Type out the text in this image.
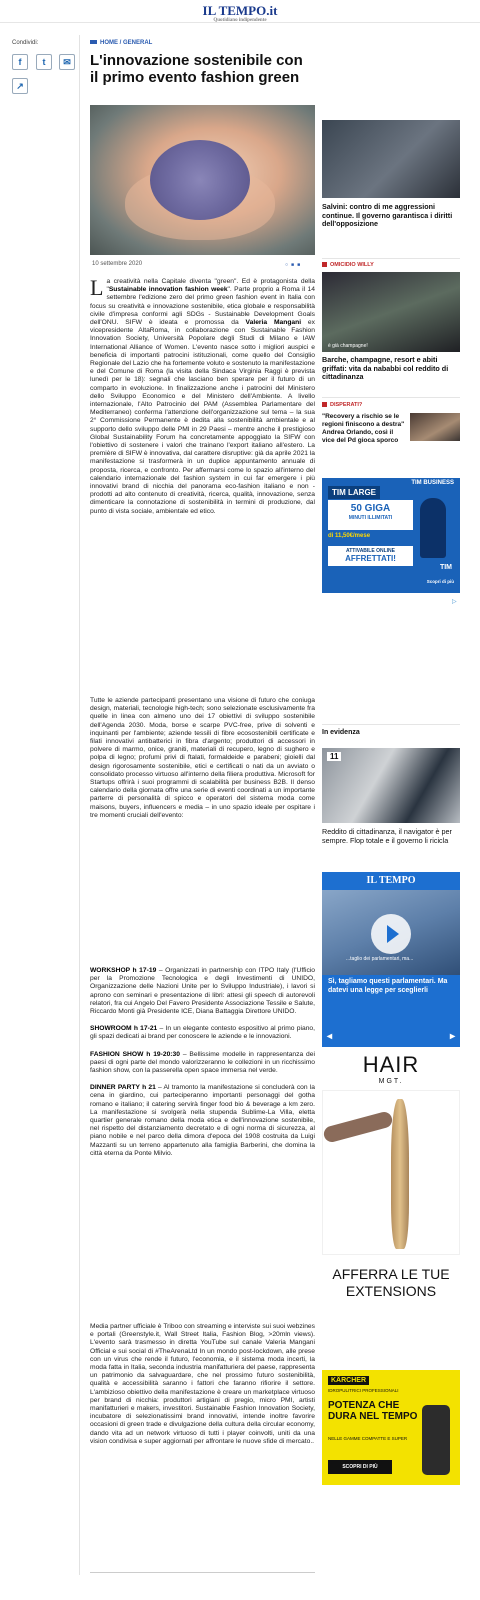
IL TEMPO.it
Quotidiano indipendente
Condividi:
f	t	✉
↗
HOME / GENERAL
L'innovazione sostenibile con il primo evento fashion green
10 settembre 2020	○■■
La creatività nella Capitale diventa "green". Ed è protagonista della "Sustainable innovation fashion week". Parte proprio a Roma il 14 settembre l'edizione zero del primo green fashion event in Italia con focus su creatività e innovazione sostenibile, etica globale e responsabilità civile d'impresa conformi agli SDGs - Sustainable Development Goals dell'ONU. SIFW è ideata e promossa da Valeria Mangani ex vicepresidente AltaRoma, in collaborazione con Sustainable Fashion Innovation Society, Università Popolare degli Studi di Milano e IAW International Alliance of Women. L'evento nasce sotto i migliori auspici e beneficia di importanti patrocini istituzionali, come quello del Consiglio Regionale del Lazio che ha fortemente voluto e sostenuto la manifestazione e del Comune di Roma (la visita della Sindaca Virginia Raggi è prevista lunedì per le 18): segnali che lasciano ben sperare per il futuro di un comparto in evoluzione. In finalizzazione anche i patrocini del Ministero dello Sviluppo Economico e del Ministero dell'Ambiente. A livello internazionale, l'Alto Patrocinio del PAM (Assemblea Parlamentare del Mediterraneo) conferma l'attenzione dell'organizzazione sul tema – la sua 2° Commissione Permanente è dedita alla sostenibilità ambientale e al supporto dello sviluppo delle PMI in 29 Paesi – mentre anche il prestigioso Global Sustainability Forum ha concretamente appoggiato la SIFW con l'obiettivo di sostenere i valori che trainano l'export italiano all'estero. La première di SIFW è innovativa, dal carattere disruptive: già da aprile 2021 la manifestazione si trasformerà in un duplice appuntamento annuale di proposta, ricerca, e confronto. Per affermarsi come lo spazio all'interno del calendario internazionale del fashion system in cui far emergere i più innovativi brand di nicchia del panorama eco-fashion italiano e non - prodotti ad alto contenuto di creatività, ricerca, qualità, innovazione, senza dimenticare la connotazione di sostenibilità in termini di produzione, dal punto di vista sociale, ambientale ed etico.
Tutte le aziende partecipanti presentano una visione di futuro che coniuga design, materiali, tecnologie high-tech; sono selezionate esclusivamente fra quelle in linea con almeno uno dei 17 obiettivi di sviluppo sostenibile dell'Agenda 2030. Moda, borse e scarpe PVC-free, prive di solventi e inquinanti per l'ambiente; aziende tessili di fibre ecosostenibili certificate e filati innovativi antibatterici in fibra d'argento; produttori di accessori in polvere di marmo, onice, graniti, materiali di recupero, legno di sughero e polpa di legno; profumi privi di ftalati, formaldeide e parabeni; gioielli dal design rigorosamente sostenibile, etici e certificati o nati da un avviato o consolidato processo virtuoso all'interno della filiera produttiva. Microsoft for Startups offrirà i suoi programmi di scalabilità per business B2B. Il denso calendario della giornata offre una serie di eventi coordinati a un importante parterre di personalità di spicco e operatori del sistema moda come maisons, buyers, influencers e media – in uno spazio ideale per ospitare i tre momenti cruciali dell'evento:
WORKSHOP h 17-19 – Organizzati in partnership con ITPO Italy (l'Ufficio per la Promozione Tecnologica e degli Investimenti di UNIDO, Organizzazione delle Nazioni Unite per lo Sviluppo Industriale), i lavori si aprono con seminari e presentazione di libri: attesi gli speech di autorevoli relatori, fra cui Angelo Del Favero Presidente Associazione Tessile e Salute, Riccardo Monti già Presidente ICE, Diana Battaggia Direttore UNIDO.
SHOWROOM h 17-21 – In un elegante contesto espositivo al primo piano, gli spazi dedicati ai brand per conoscere le aziende e le innovazioni.
FASHION SHOW h 19-20:30 – Bellissime modelle in rappresentanza dei paesi di ogni parte del mondo valorizzeranno le collezioni in un ricchissimo fashion show, con la passerella open space immersa nel verde.
DINNER PARTY h 21 – Al tramonto la manifestazione si concluderà con la cena in giardino, cui parteciperanno importanti personaggi del gotha romano e italiano; il catering servirà finger food bio & beverage a km zero. La manifestazione si svolgerà nella stupenda Sublime-La Villa, eletta quartier generale romano della moda etica e dell'innovazione sostenibile, nel rispetto del distanziamento decretato e di ogni norma di sicurezza, al piano nobile e nel parco della dimora d'epoca del 1908 costruita da Luigi Mazzanti su un terreno appartenuto alla famiglia Barberini, che domina la città eterna da Ponte Milvio.
Media partner ufficiale è Triboo con streaming e interviste sui suoi webzines e portali (Greenstyle.it, Wall Street Italia, Fashion Blog, >20mln views). L'evento sarà trasmesso in diretta YouTube sul canale Valeria Mangani Official e sui social di #TheArenaLtd In un mondo post-lockdown, alle prese con un virus che rende il futuro, l'economia, e il sistema moda incerti, la moda fatta in Italia, seconda industria manifatturiera del paese, rappresenta un patrimonio da salvaguardare, che nel prossimo futuro sostenibilità, qualità e accessibilità saranno i fattori che faranno rifiorire il settore. L'ambizioso obiettivo della manifestazione è creare un marketplace virtuoso per brand di nicchia: produttori artigiani di pregio, micro PMI, artisti manifatturieri e makers, investitori. Sustainable Fashion Innovation Society, incubatore di selezionatissimi brand innovativi, intende inoltre favorire occasioni di green trade e divulgazione della cultura della circular economy, dando vita ad un network virtuoso di tutti i player coinvolti, uniti da una vision condivisa e super aggiornati per affrontare le nuove sfide di mercato..
Salvini: contro di me aggressioni continue. Il governo garantisca i diritti dell'opposizione
OMICIDIO WILLY
è già champagne!
Barche, champagne, resort e abiti griffati: vita da nababbi col reddito di cittadinanza
DISPERATI?
"Recovery a rischio se le regioni finiscono a destra" Andrea Orlando, così il vice del Pd gioca sporco
TIM LARGE
TIM BUSINESS
50 GIGA
MINUTI ILLIMITATI
di 11,50€/mese
ATTIVABILE ONLINE
AFFRETTATI!
TIM
Scopri di più
▷
In evidenza
11
Reddito di cittadinanza, il navigator è per sempre. Flop totale e il governo li ricicla
IL TEMPO
...taglio dei parlamentari, ma...
Sì, tagliamo questi parlamentari. Ma datevi una legge per sceglierli
◂	▸
HAIR
MGT.
AFFERRA LE TUE EXTENSIONS
KÄRCHER
IDROPULITRICI PROFESSIONALI
POTENZA CHE DURA NEL TEMPO
NELLE GAMME COMPATTE E SUPER
SCOPRI DI PIÙ
